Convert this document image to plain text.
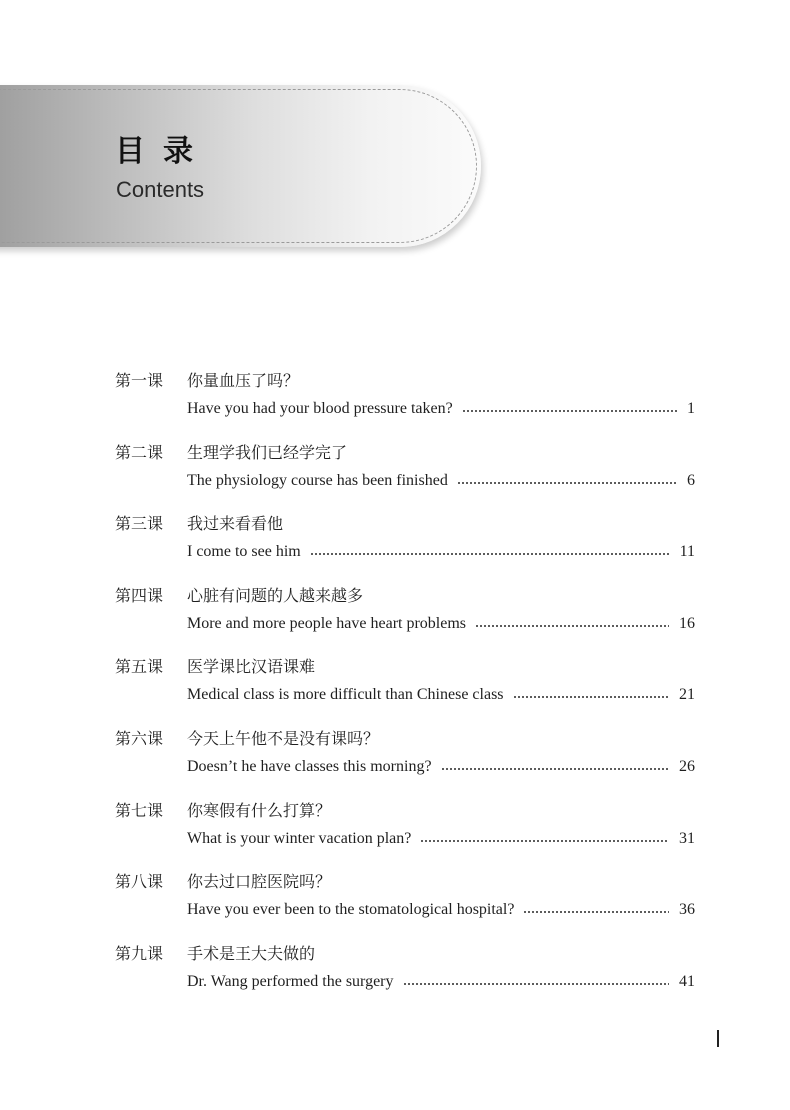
目录
Contents
第一课 你量血压了吗？
Have you had your blood pressure taken?	1
第二课 生理学我们已经学完了
The physiology course has been finished	6
第三课 我过来看看他
I come to see him	11
第四课 心脏有问题的人越来越多
More and more people have heart problems	16
第五课 医学课比汉语课难
Medical class is more difficult than Chinese class	21
第六课 今天上午他不是没有课吗？
Doesn’t he have classes this morning?	26
第七课 你寒假有什么打算？
What is your winter vacation plan?	31
第八课 你去过口腔医院吗？
Have you ever been to the stomatological hospital?	36
第九课 手术是王大夫做的
Dr. Wang performed the surgery	41
